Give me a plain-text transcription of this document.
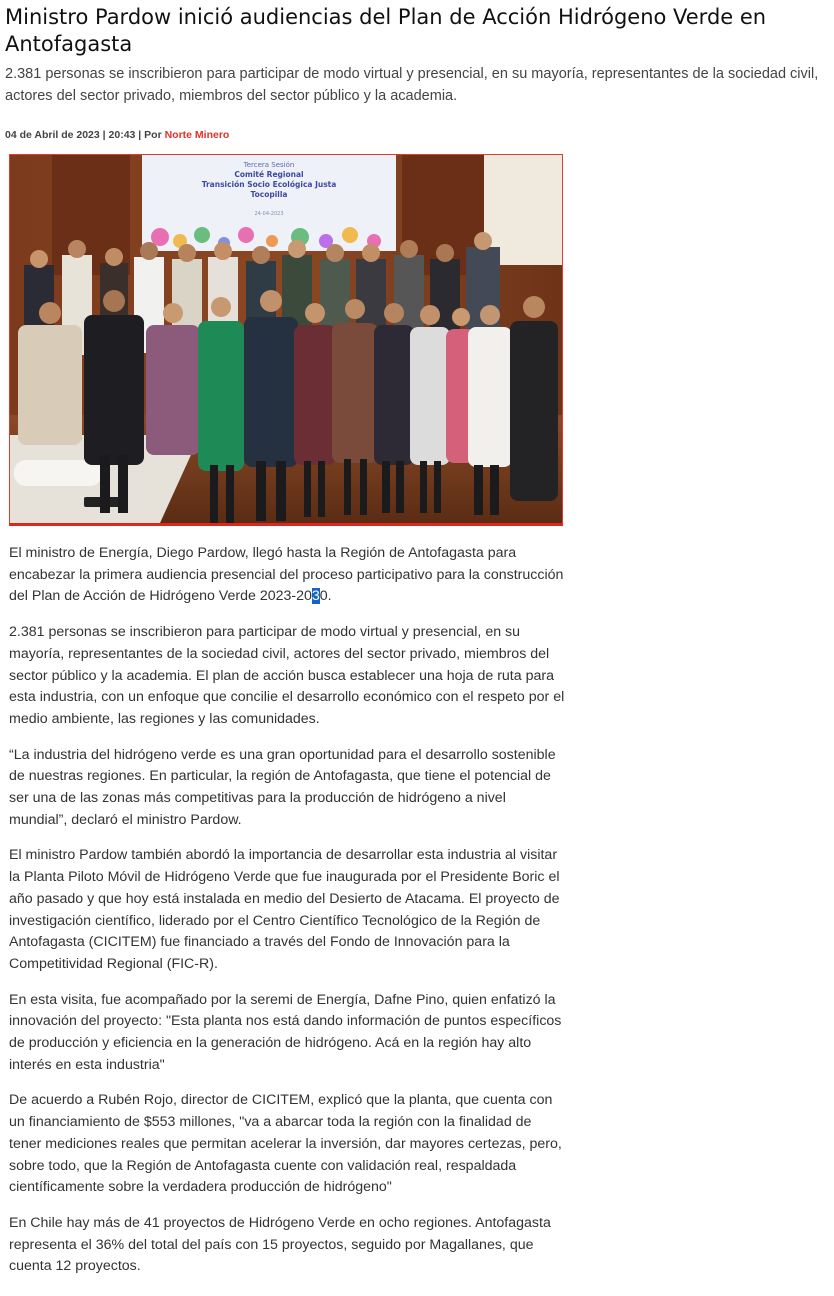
Ministro Pardow inició audiencias del Plan de Acción Hidrógeno Verde en Antofagasta

2.381 personas se inscribieron para participar de modo virtual y presencial, en su mayoría, representantes de la sociedad civil, actores del sector privado, miembros del sector público y la academia.

04 de Abril de 2023 | 20:43 | Por Norte Minero

Tercera Sesión
Comité Regional
Transición Socio Ecológica Justa
Tocopilla
24-04-2023

El ministro de Energía, Diego Pardow, llegó hasta la Región de Antofagasta para encabezar la primera audiencia presencial del proceso participativo para la construcción del Plan de Acción de Hidrógeno Verde 2023-2030.

2.381 personas se inscribieron para participar de modo virtual y presencial, en su mayoría, representantes de la sociedad civil, actores del sector privado, miembros del sector público y la academia. El plan de acción busca establecer una hoja de ruta para esta industria, con un enfoque que concilie el desarrollo económico con el respeto por el medio ambiente, las regiones y las comunidades.

“La industria del hidrógeno verde es una gran oportunidad para el desarrollo sostenible de nuestras regiones. En particular, la región de Antofagasta, que tiene el potencial de ser una de las zonas más competitivas para la producción de hidrógeno a nivel mundial”, declaró el ministro Pardow.

El ministro Pardow también abordó la importancia de desarrollar esta industria al visitar la Planta Piloto Móvil de Hidrógeno Verde que fue inaugurada por el Presidente Boric el año pasado y que hoy está instalada en medio del Desierto de Atacama. El proyecto de investigación científico, liderado por el Centro Científico Tecnológico de la Región de Antofagasta (CICITEM) fue financiado a través del Fondo de Innovación para la Competitividad Regional (FIC-R).

En esta visita, fue acompañado por la seremi de Energía, Dafne Pino, quien enfatizó la innovación del proyecto: "Esta planta nos está dando información de puntos específicos de producción y eficiencia en la generación de hidrógeno. Acá en la región hay alto interés en esta industria"

De acuerdo a Rubén Rojo, director de CICITEM, explicó que la planta, que cuenta con un financiamiento de $553 millones, "va a abarcar toda la región con la finalidad de tener mediciones reales que permitan acelerar la inversión, dar mayores certezas, pero, sobre todo, que la Región de Antofagasta cuente con validación real, respaldada científicamente sobre la verdadera producción de hidrógeno"

En Chile hay más de 41 proyectos de Hidrógeno Verde en ocho regiones. Antofagasta representa el 36% del total del país con 15 proyectos, seguido por Magallanes, que cuenta 12 proyectos.
